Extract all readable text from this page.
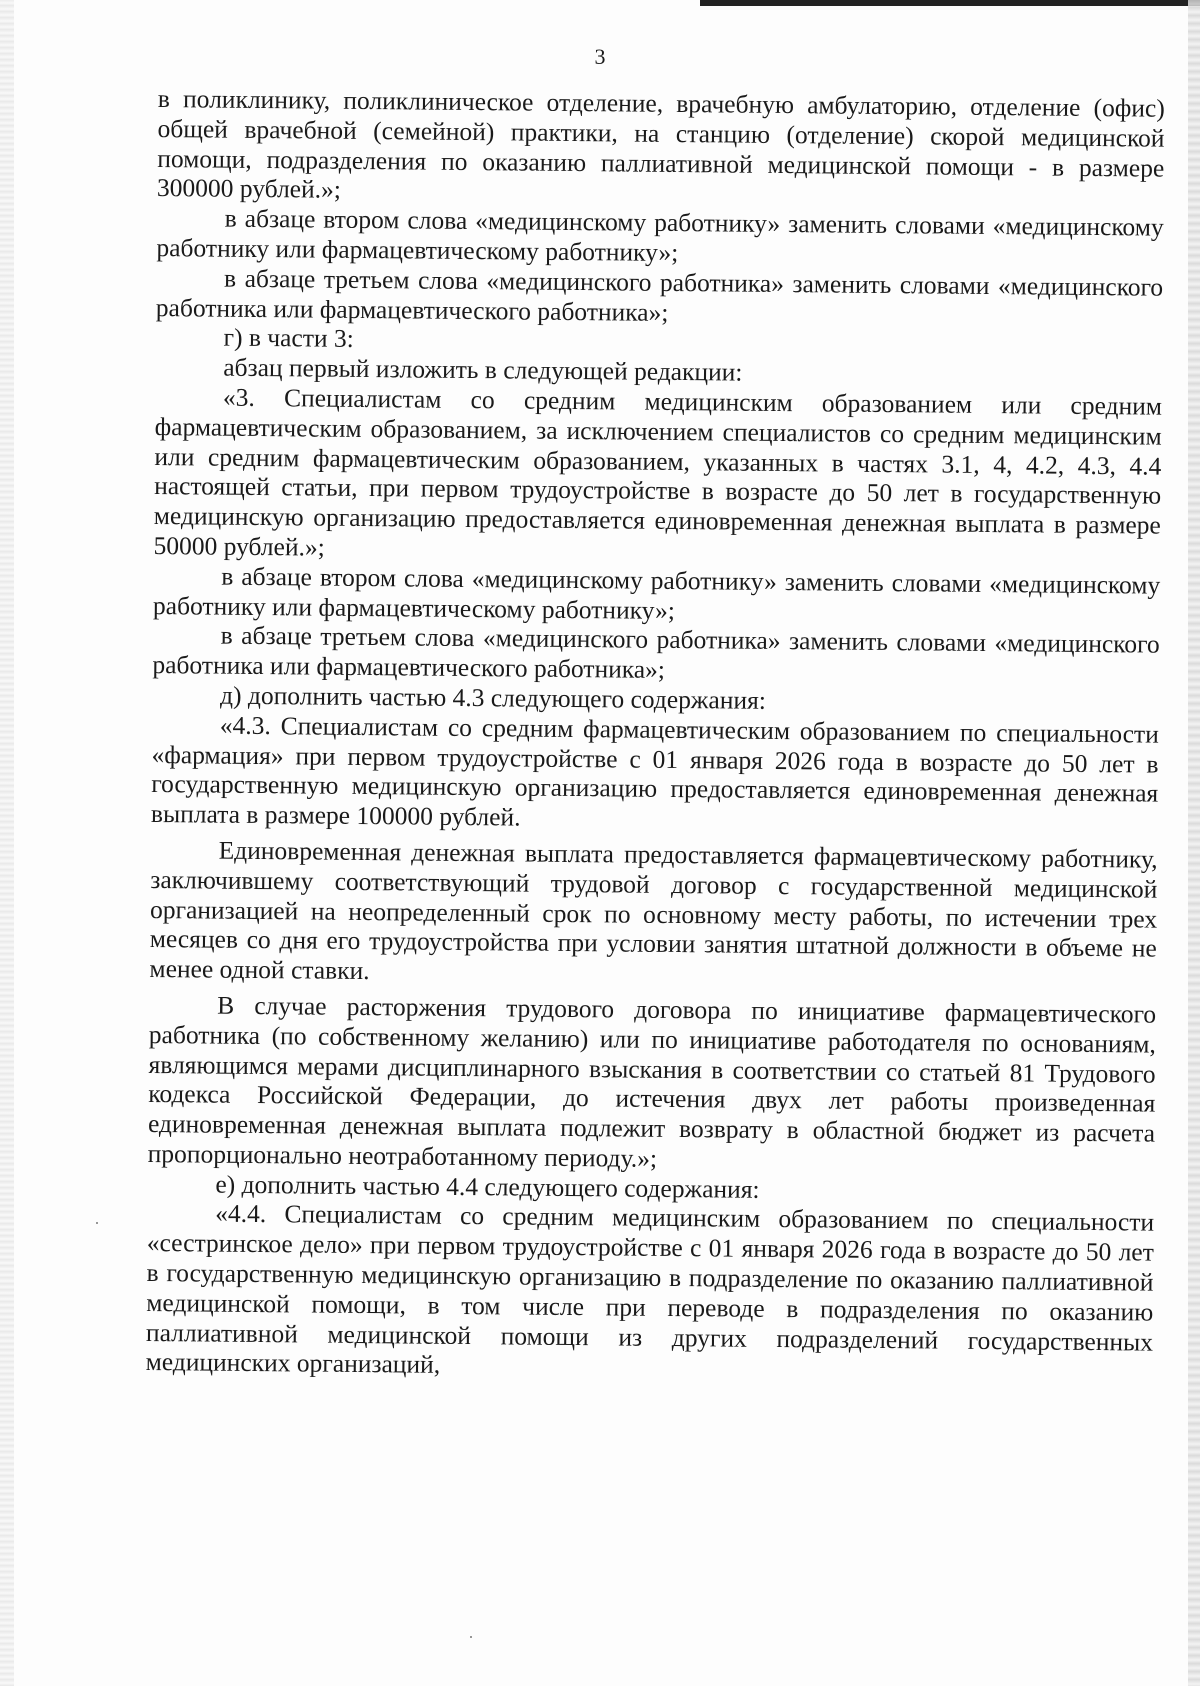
3

в поликлинику, поликлиническое отделение, врачебную амбулаторию, отделение (офис) общей врачебной (семейной) практики, на станцию (отделение) скорой медицинской помощи, подразделения по оказанию паллиативной медицинской помощи - в размере 300000 рублей.»;

в абзаце втором слова «медицинскому работнику» заменить словами «медицинскому работнику или фармацевтическому работнику»;

в абзаце третьем слова «медицинского работника» заменить словами «медицинского работника или фармацевтического работника»;

г) в части 3:

абзац первый изложить в следующей редакции:

«3. Специалистам со средним медицинским образованием или средним фармацевтическим образованием, за исключением специалистов со средним медицинским или средним фармацевтическим образованием, указанных в частях 3.1, 4, 4.2, 4.3, 4.4 настоящей статьи, при первом трудоустройстве в возрасте до 50 лет в государственную медицинскую организацию предоставляется единовременная денежная выплата в размере 50000 рублей.»;

в абзаце втором слова «медицинскому работнику» заменить словами «медицинскому работнику или фармацевтическому работнику»;

в абзаце третьем слова «медицинского работника» заменить словами «медицинского работника или фармацевтического работника»;

д) дополнить частью 4.3 следующего содержания:

«4.3. Специалистам со средним фармацевтическим образованием по специальности «фармация» при первом трудоустройстве с 01 января 2026 года в возрасте до 50 лет в государственную медицинскую организацию предоставляется единовременная денежная выплата в размере 100000 рублей.

Единовременная денежная выплата предоставляется фармацевтическому работнику, заключившему соответствующий трудовой договор с государственной медицинской организацией на неопределенный срок по основному месту работы, по истечении трех месяцев со дня его трудоустройства при условии занятия штатной должности в объеме не менее одной ставки.

В случае расторжения трудового договора по инициативе фармацевтического работника (по собственному желанию) или по инициативе работодателя по основаниям, являющимся мерами дисциплинарного взыскания в соответствии со статьей 81 Трудового кодекса Российской Федерации, до истечения двух лет работы произведенная единовременная денежная выплата подлежит возврату в областной бюджет из расчета пропорционально неотработанному периоду.»;

е) дополнить частью 4.4 следующего содержания:

«4.4. Специалистам со средним медицинским образованием по специальности «сестринское дело» при первом трудоустройстве с 01 января 2026 года в возрасте до 50 лет в государственную медицинскую организацию в подразделение по оказанию паллиативной медицинской помощи, в том числе при переводе в подразделения по оказанию паллиативной медицинской помощи из других подразделений государственных медицинских организаций,
